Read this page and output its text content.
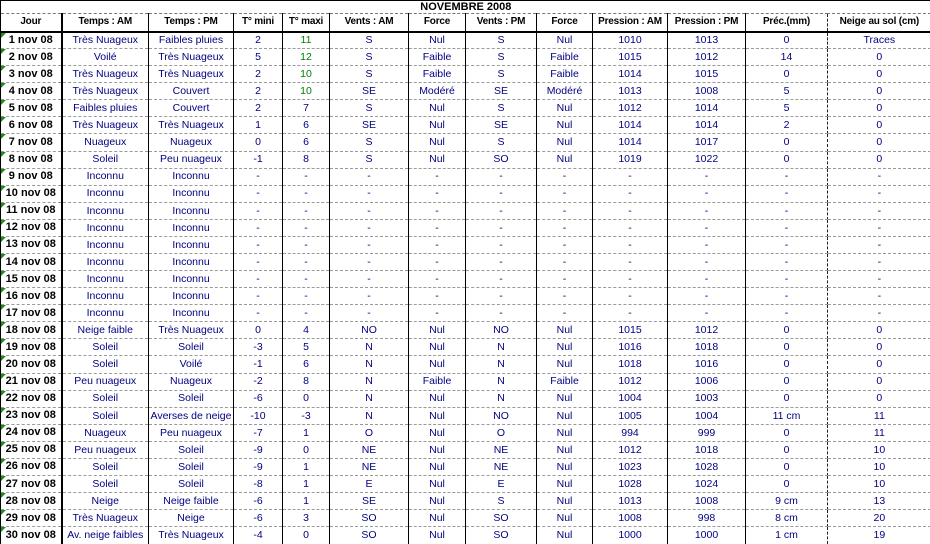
NOVEMBRE 2008												
Jour	Temps : AM	Temps : PM	T° mini	T° maxi	Vents : AM	Force	Vents : PM	Force	Pression : AM	Pression : PM	Préc.(mm)	Neige au sol (cm)

1 nov 08	Très Nuageux	Faibles pluies	2	11	S	Nul	S	Nul	1010	1013	0	Traces

2 nov 08	Voilé	Très Nuageux	5	12	S	Faible	S	Faible	1015	1012	14	0

3 nov 08	Très Nuageux	Très Nuageux	2	10	S	Faible	S	Faible	1014	1015	0	0

4 nov 08	Très Nuageux	Couvert	2	10	SE	Modéré	SE	Modéré	1013	1008	5	0

5 nov 08	Faibles pluies	Couvert	2	7	S	Nul	S	Nul	1012	1014	5	0

6 nov 08	Très Nuageux	Très Nuageux	1	6	SE	Nul	SE	Nul	1014	1014	2	0

7 nov 08	Nuageux	Nuageux	0	6	S	Nul	S	Nul	1014	1017	0	0

8 nov 08	Soleil	Peu nuageux	-1	8	S	Nul	SO	Nul	1019	1022	0	0

9 nov 08	Inconnu	Inconnu	-	-	-	-	-	-	-	-	-	-

10 nov 08	Inconnu	Inconnu	-	-	-	-	-	-	-	-	-	-

11 nov 08	Inconnu	Inconnu	-	-	-	-	-	-	-	-	-	-

12 nov 08	Inconnu	Inconnu	-	-	-	-	-	-	-	-	-	-

13 nov 08	Inconnu	Inconnu	-	-	-	-	-	-	-	-	-	-

14 nov 08	Inconnu	Inconnu	-	-	-	-	-	-	-	-	-	-

15 nov 08	Inconnu	Inconnu	-	-	-	-	-	-	-	-	-	-

16 nov 08	Inconnu	Inconnu	-	-	-	-	-	-	-	-	-	-

17 nov 08	Inconnu	Inconnu	-	-	-	-	-	-	-	-	-	-

18 nov 08	Neige faible	Très Nuageux	0	4	NO	Nul	NO	Nul	1015	1012	0	0

19 nov 08	Soleil	Soleil	-3	5	N	Nul	N	Nul	1016	1018	0	0

20 nov 08	Soleil	Voilé	-1	6	N	Nul	N	Nul	1018	1016	0	0

21 nov 08	Peu nuageux	Nuageux	-2	8	N	Faible	N	Faible	1012	1006	0	0

22 nov 08	Soleil	Soleil	-6	0	N	Nul	N	Nul	1004	1003	0	0

23 nov 08	Soleil	Averses de neige	-10	-3	N	Nul	NO	Nul	1005	1004	11 cm	11

24 nov 08	Nuageux	Peu nuageux	-7	1	O	Nul	O	Nul	994	999	0	11

25 nov 08	Peu nuageux	Soleil	-9	0	NE	Nul	NE	Nul	1012	1018	0	10

26 nov 08	Soleil	Soleil	-9	1	NE	Nul	NE	Nul	1023	1028	0	10

27 nov 08	Soleil	Soleil	-8	1	E	Nul	E	Nul	1028	1024	0	10

28 nov 08	Neige	Neige faible	-6	1	SE	Nul	S	Nul	1013	1008	9 cm	13

29 nov 08	Très Nuageux	Neige	-6	3	SO	Nul	SO	Nul	1008	998	8 cm	20

30 nov 08	Av. neige faibles	Très Nuageux	-4	0	SO	Nul	SO	Nul	1000	1000	1 cm	19
